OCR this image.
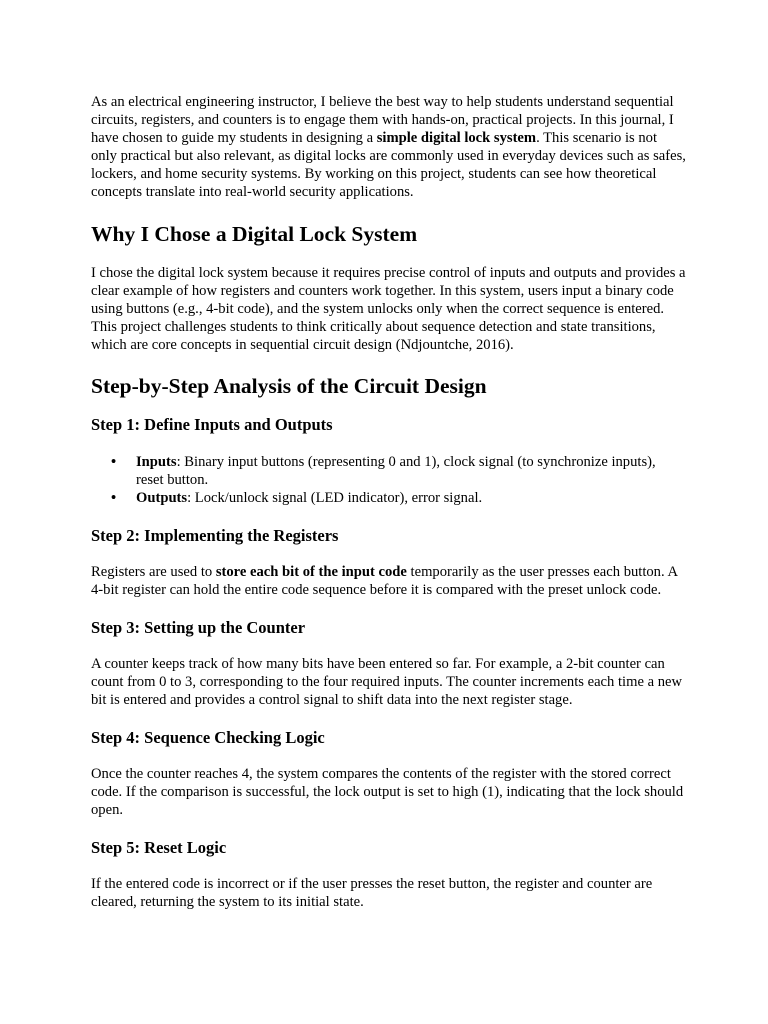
As an electrical engineering instructor, I believe the best way to help students understand sequential circuits, registers, and counters is to engage them with hands-on, practical projects. In this journal, I have chosen to guide my students in designing a simple digital lock system. This scenario is not only practical but also relevant, as digital locks are commonly used in everyday devices such as safes, lockers, and home security systems. By working on this project, students can see how theoretical concepts translate into real-world security applications.

Why I Chose a Digital Lock System

I chose the digital lock system because it requires precise control of inputs and outputs and provides a clear example of how registers and counters work together. In this system, users input a binary code using buttons (e.g., 4-bit code), and the system unlocks only when the correct sequence is entered. This project challenges students to think critically about sequence detection and state transitions, which are core concepts in sequential circuit design (Ndjountche, 2016).

Step-by-Step Analysis of the Circuit Design
Step 1: Define Inputs and Outputs
• Inputs: Binary input buttons (representing 0 and 1), clock signal (to synchronize inputs), reset button.
• Outputs: Lock/unlock signal (LED indicator), error signal.
Step 2: Implementing the Registers

Registers are used to store each bit of the input code temporarily as the user presses each button. A 4-bit register can hold the entire code sequence before it is compared with the preset unlock code.

Step 3: Setting up the Counter

A counter keeps track of how many bits have been entered so far. For example, a 2-bit counter can count from 0 to 3, corresponding to the four required inputs. The counter increments each time a new bit is entered and provides a control signal to shift data into the next register stage.

Step 4: Sequence Checking Logic

Once the counter reaches 4, the system compares the contents of the register with the stored correct code. If the comparison is successful, the lock output is set to high (1), indicating that the lock should open.

Step 5: Reset Logic

If the entered code is incorrect or if the user presses the reset button, the register and counter are cleared, returning the system to its initial state.
